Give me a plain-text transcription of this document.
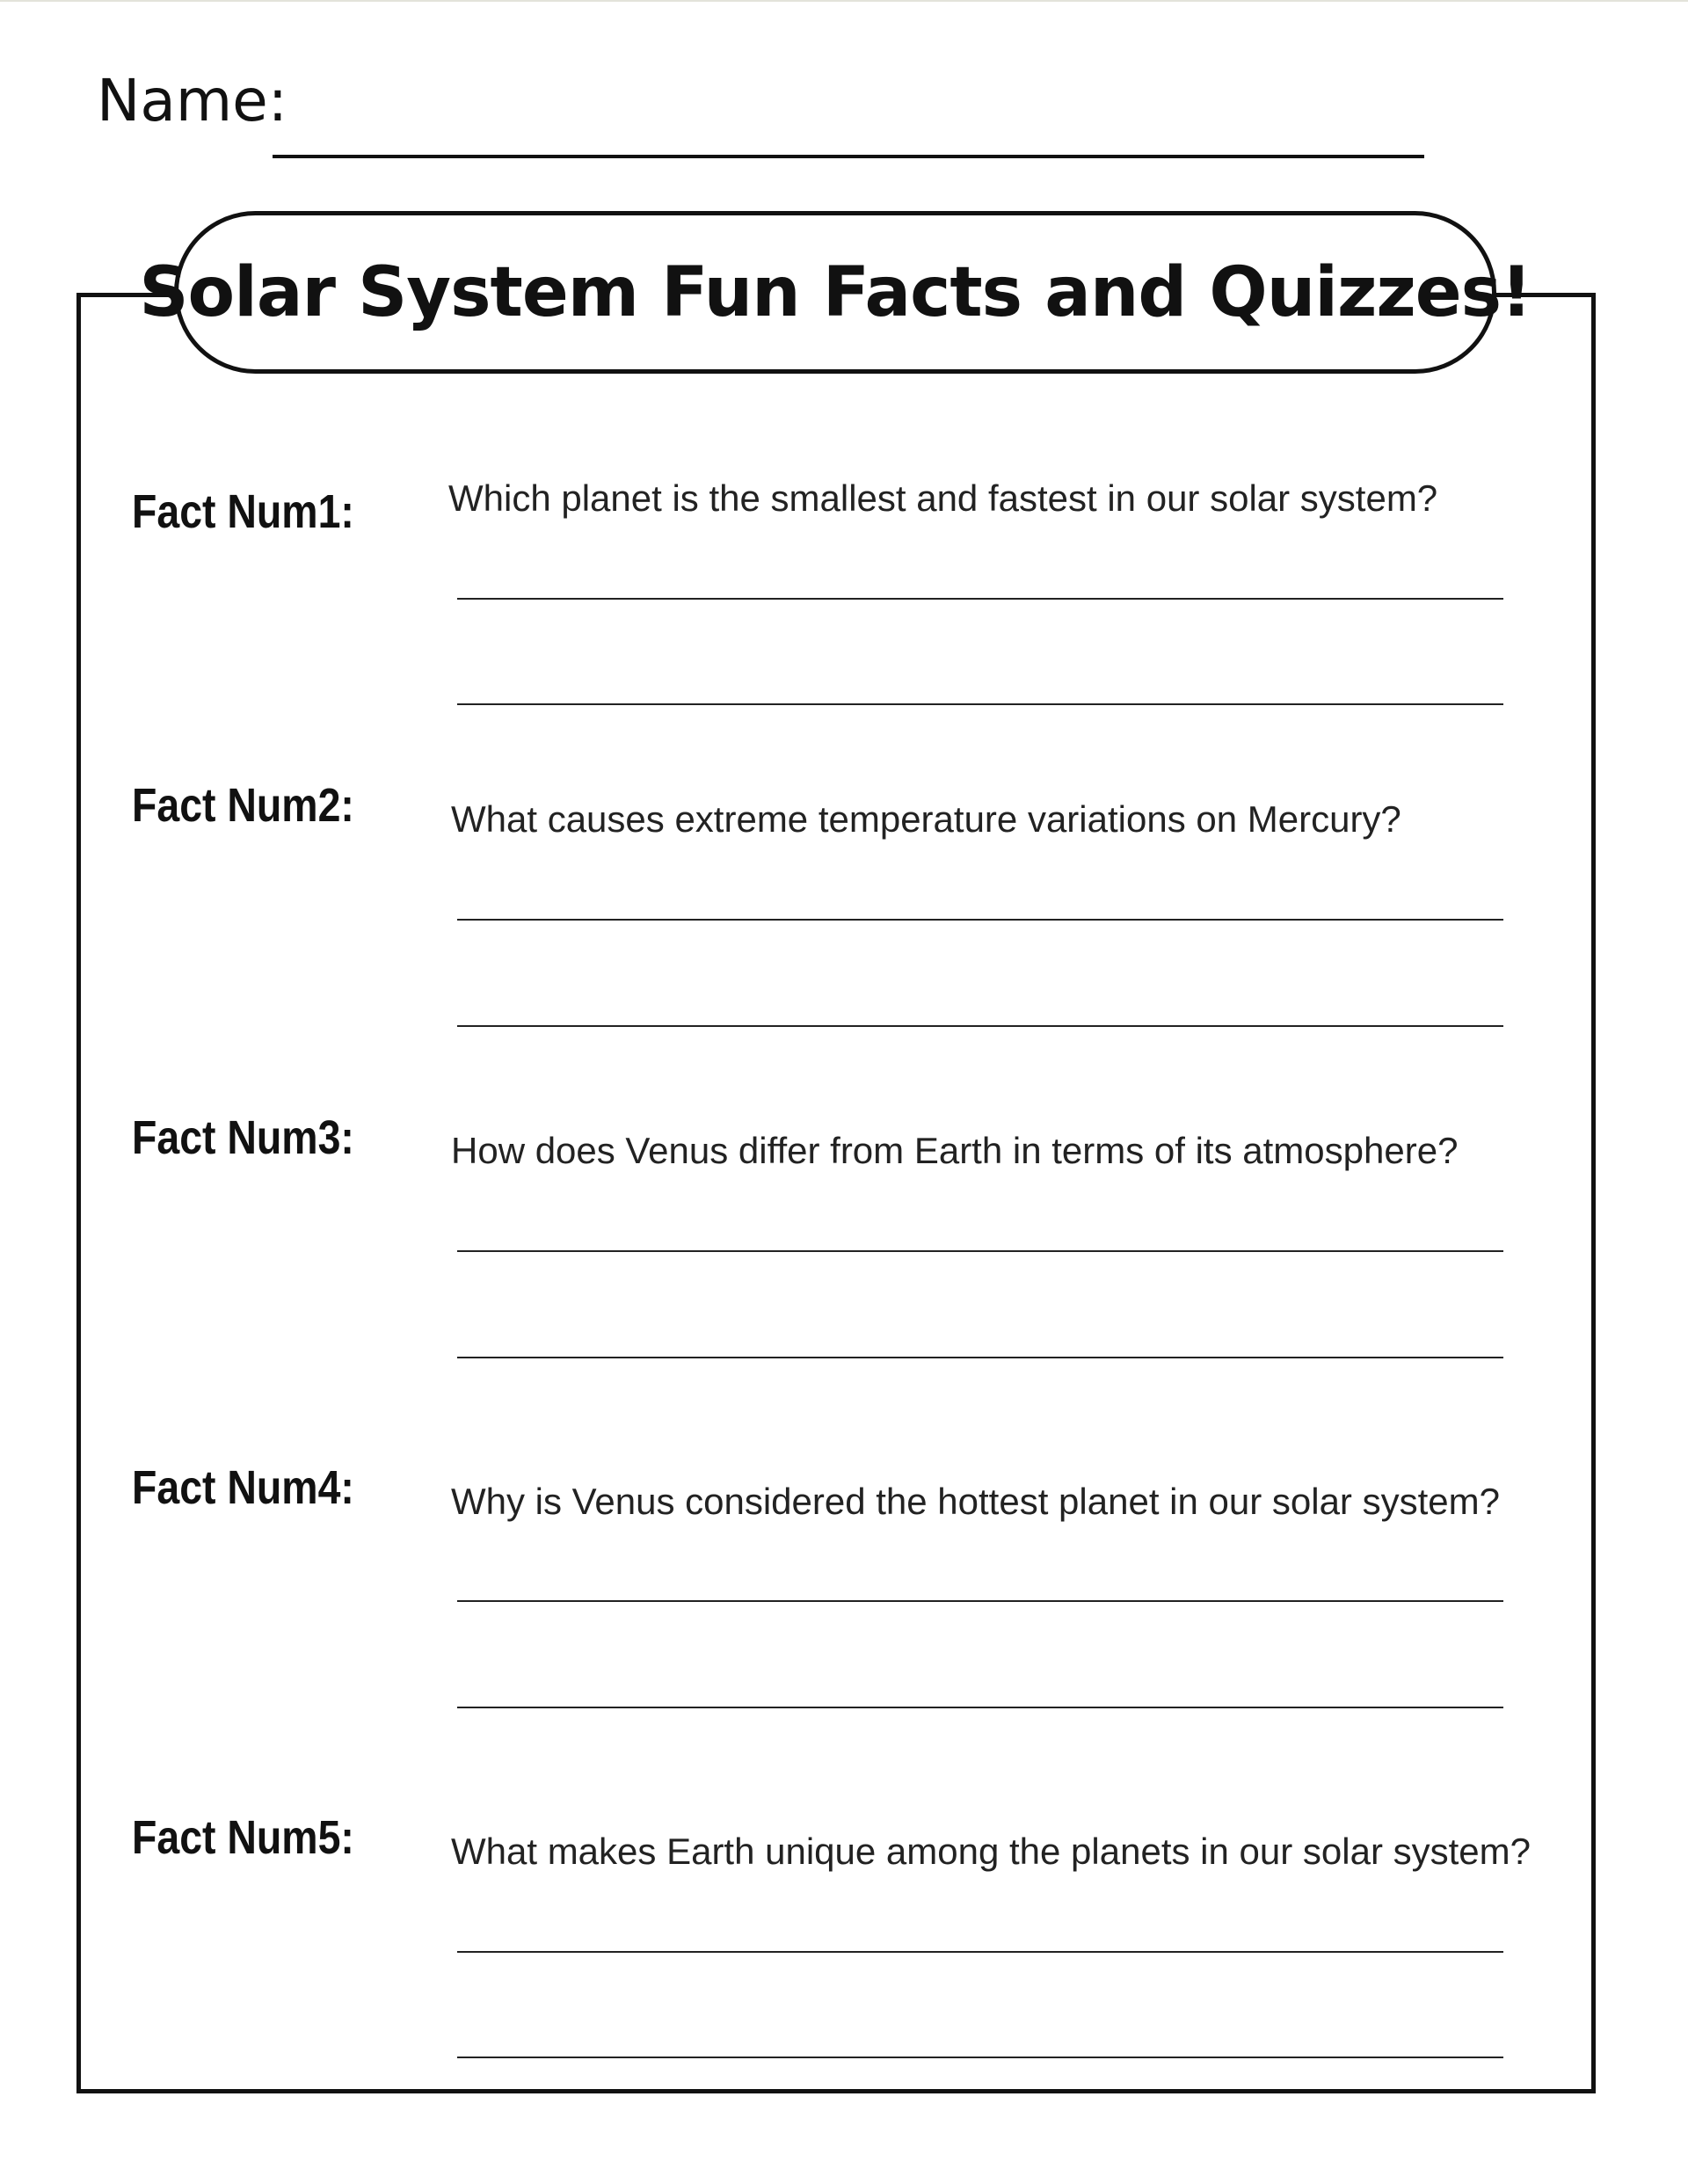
Name:
Solar System Fun Facts and Quizzes!
Fact Num1:	Which planet is the smallest and fastest in our solar system?
Fact Num2:	What causes extreme temperature variations on Mercury?
Fact Num3:	How does Venus differ from Earth in terms of its atmosphere?
Fact Num4:	Why is Venus considered the hottest planet in our solar system?
Fact Num5:	What makes Earth unique among the planets in our solar system?
